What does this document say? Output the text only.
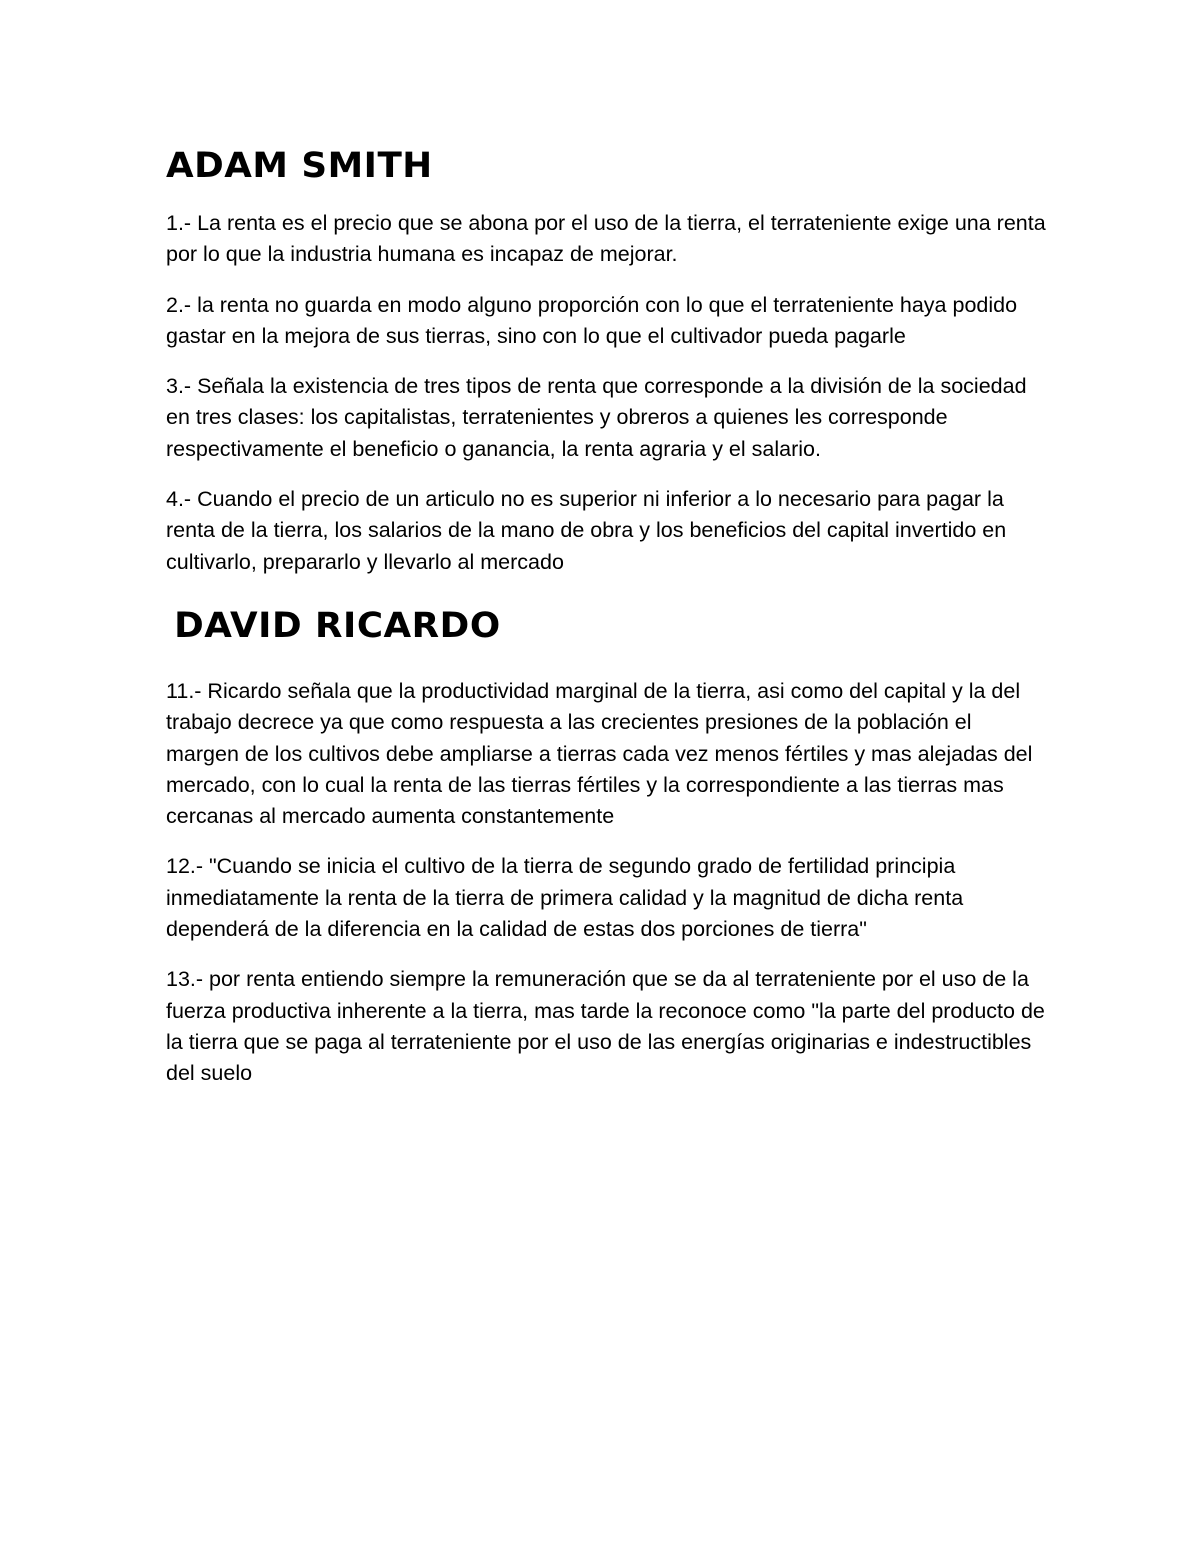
ADAM SMITH

1.- La renta es el precio que se abona por el uso de la tierra, el terrateniente exige una renta por lo que la industria humana es incapaz de mejorar.

2.- la renta no guarda en modo alguno proporción con lo que el terrateniente haya podido gastar en la mejora de sus tierras, sino con lo que el cultivador pueda pagarle

3.- Señala la existencia de tres tipos de renta que corresponde a la división de la sociedad en tres clases: los capitalistas, terratenientes y obreros a quienes les corresponde respectivamente el beneficio o ganancia, la renta agraria y el salario.

4.- Cuando el precio de un articulo no es superior ni inferior a lo necesario para pagar la renta de la tierra, los salarios de la mano de obra y los beneficios del capital invertido en cultivarlo, prepararlo y llevarlo al mercado

DAVID RICARDO

11.- Ricardo señala que la productividad marginal de la tierra, asi como del capital y la del trabajo decrece ya que como respuesta a las crecientes presiones de la población el margen de los cultivos debe ampliarse a tierras cada vez menos fértiles y mas alejadas del mercado, con lo cual la renta de las tierras fértiles y la correspondiente a las tierras mas cercanas al mercado aumenta constantemente

12.- "Cuando se inicia el cultivo de la tierra de segundo grado de fertilidad principia inmediatamente la renta de la tierra de primera calidad y la magnitud de dicha renta dependerá de la diferencia en la calidad de estas dos porciones de tierra"

13.- por renta entiendo siempre la remuneración que se da al terrateniente por el uso de la fuerza productiva inherente a la tierra, mas tarde la reconoce como "la parte del producto de la tierra que se paga al terrateniente por el uso de las energías originarias e indestructibles del suelo
